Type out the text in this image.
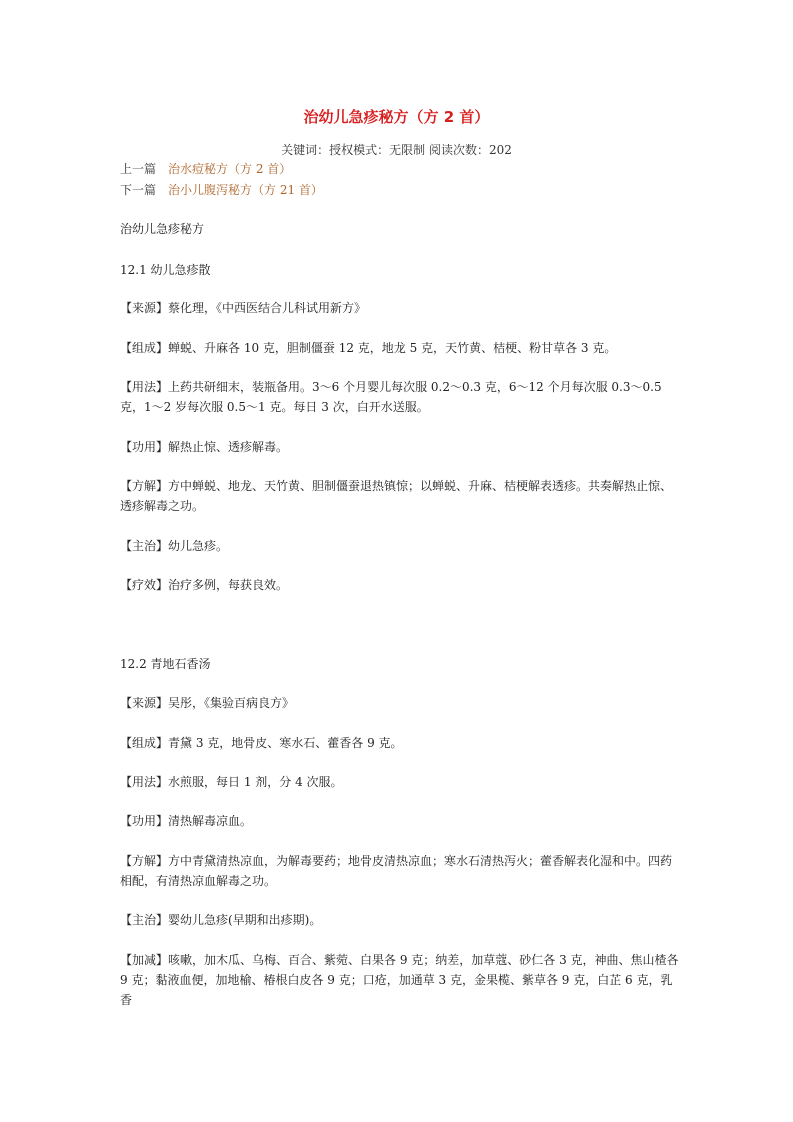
治幼儿急疹秘方（方 2 首）
关键词：授权模式：无限制 阅读次数：202
上一篇 治水痘秘方（方 2 首）
下一篇 治小儿腹泻秘方（方 21 首）
治幼儿急疹秘方
12.1 幼儿急疹散
【来源】蔡化理，《中西医结合儿科试用新方》
【组成】蝉蜕、升麻各 10 克，胆制僵蚕 12 克，地龙 5 克，天竹黄、桔梗、粉甘草各 3 克。
【用法】上药共研细末，装瓶备用。3～6 个月婴儿每次服 0.2～0.3 克，6～12 个月每次服 0.3～0.5 克，1～2 岁每次服 0.5～1 克。每日 3 次，白开水送服。
【功用】解热止惊、透疹解毒。
【方解】方中蝉蜕、地龙、天竹黄、胆制僵蚕退热镇惊；以蝉蜕、升麻、桔梗解表透疹。共奏解热止惊、透疹解毒之功。
【主治】幼儿急疹。
【疗效】治疗多例，每获良效。
12.2 青地石香汤
【来源】吴彤，《集验百病良方》
【组成】青黛 3 克，地骨皮、寒水石、藿香各 9 克。
【用法】水煎服，每日 1 剂，分 4 次服。
【功用】清热解毒凉血。
【方解】方中青黛清热凉血，为解毒要药；地骨皮清热凉血；寒水石清热泻火；藿香解表化湿和中。四药相配，有清热凉血解毒之功。
【主治】婴幼儿急疹(早期和出疹期)。
【加减】咳嗽，加木瓜、乌梅、百合、紫菀、白果各 9 克；纳差，加草蔻、砂仁各 3 克，神曲、焦山楂各 9 克；黏液血便，加地榆、椿根白皮各 9 克；口疮，加通草 3 克，金果榄、紫草各 9 克，白芷 6 克，乳香
